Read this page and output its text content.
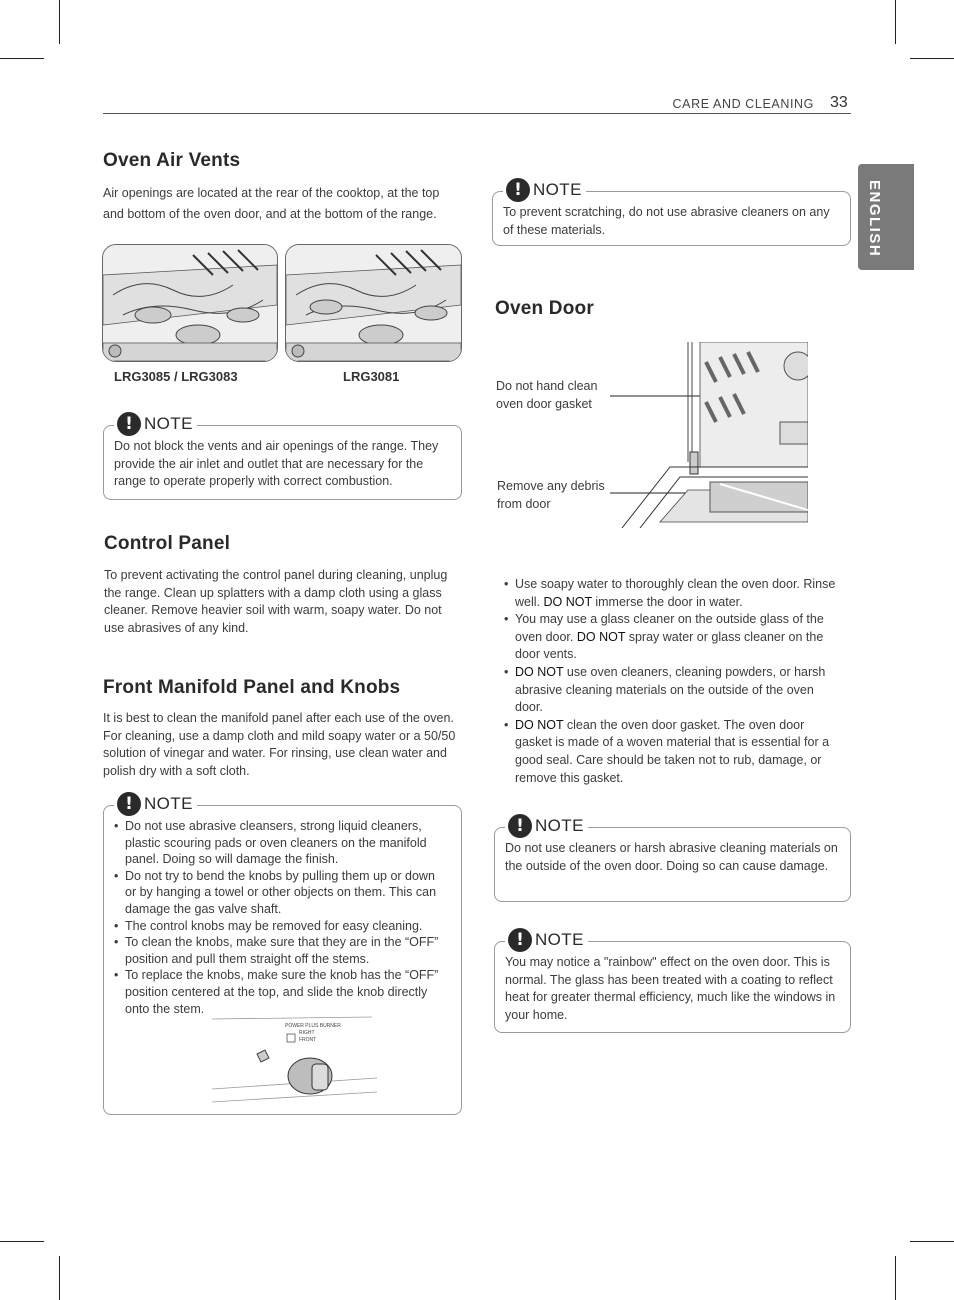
CARE AND CLEANING 33
ENGLISH
Oven Air Vents

Air openings are located at the rear of the cooktop, at the top and bottom of the oven door, and at the bottom of the range.

LRG3085 / LRG3083	LRG3081
! NOTE

Do not block the vents and air openings of the range. They provide the air inlet and outlet that are necessary for the range to operate properly with correct combustion.

Control Panel

To prevent activating the control panel during cleaning, unplug the range. Clean up splatters with a damp cloth using a glass cleaner. Remove heavier soil with warm, soapy water. Do not use abrasives of any kind.

Front Manifold Panel and Knobs

It is best to clean the manifold panel after each use of the oven. For cleaning, use a damp cloth and mild soapy water or a 50/50 solution of vinegar and water. For rinsing, use clean water and polish dry with a soft cloth.

! NOTE
• Do not use abrasive cleansers, strong liquid cleaners, plastic scouring pads or oven cleaners on the manifold panel. Doing so will damage the finish.
• Do not try to bend the knobs by pulling them up or down or by hanging a towel or other objects on them. This can damage the gas valve shaft.
• The control knobs may be removed for easy cleaning.
• To clean the knobs, make sure that they are in the “OFF” position and pull them straight off the stems.
• To replace the knobs, make sure the knob has the “OFF” position centered at the top, and slide the knob directly onto the stem.
POWER PLUS BURNER
RIGHT
FRONT
! NOTE

To prevent scratching, do not use abrasive cleaners on any of these materials.

Oven Door
Do not hand clean oven door gasket
Remove any debris from door
• Use soapy water to thoroughly clean the oven door. Rinse well. DO NOT immerse the door in water.
• You may use a glass cleaner on the outside glass of the oven door. DO NOT spray water or glass cleaner on the door vents.
• DO NOT use oven cleaners, cleaning powders, or harsh abrasive cleaning materials on the outside of the oven door.
• DO NOT clean the oven door gasket. The oven door gasket is made of a woven material that is essential for a good seal. Care should be taken not to rub, damage, or remove this gasket.
! NOTE

Do not use cleaners or harsh abrasive cleaning materials on the outside of the oven door. Doing so can cause damage.

! NOTE

You may notice a "rainbow" effect on the oven door. This is normal. The glass has been treated with a coating to reflect heat for greater thermal efficiency, much like the windows in your home.
